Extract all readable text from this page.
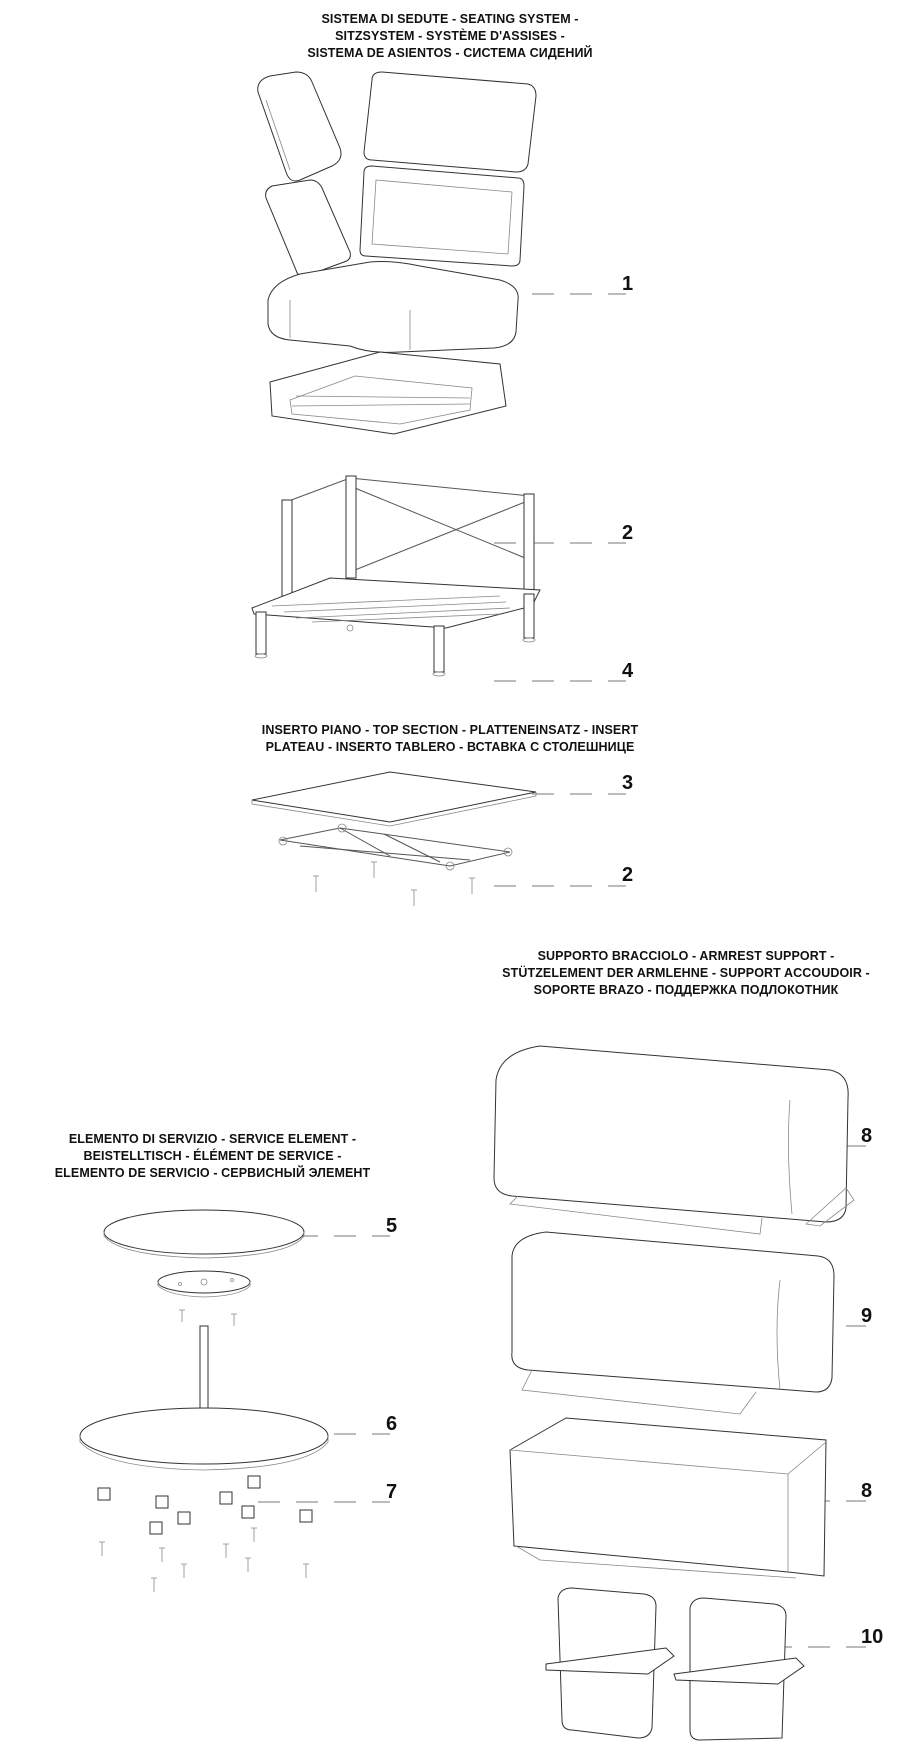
SISTEMA DI SEDUTE - SEATING SYSTEM -
SITZSYSTEM - SYSTÈME D'ASSISES -
SISTEMA DE ASIENTOS - СИСТЕМА СИДЕНИЙ
INSERTO PIANO - TOP SECTION - PLATTENEINSATZ - INSERT
PLATEAU - INSERTO TABLERO - ВСТАВКА С СТОЛЕШНИЦЕ
SUPPORTO BRACCIOLO - ARMREST SUPPORT -
STÜTZELEMENT DER ARMLEHNE - SUPPORT ACCOUDOIR -
SOPORTE BRAZO - ПОДДЕРЖКА ПОДЛОКОТНИК
ELEMENTO DI SERVIZIO - SERVICE ELEMENT -
BEISTELLTISCH - ÉLÉMENT DE SERVICE -
ELEMENTO DE SERVICIO - СЕРВИСНЫЙ ЭЛЕМЕНТ
1
2
4
3
2
8
9
8
10
5
6
7
